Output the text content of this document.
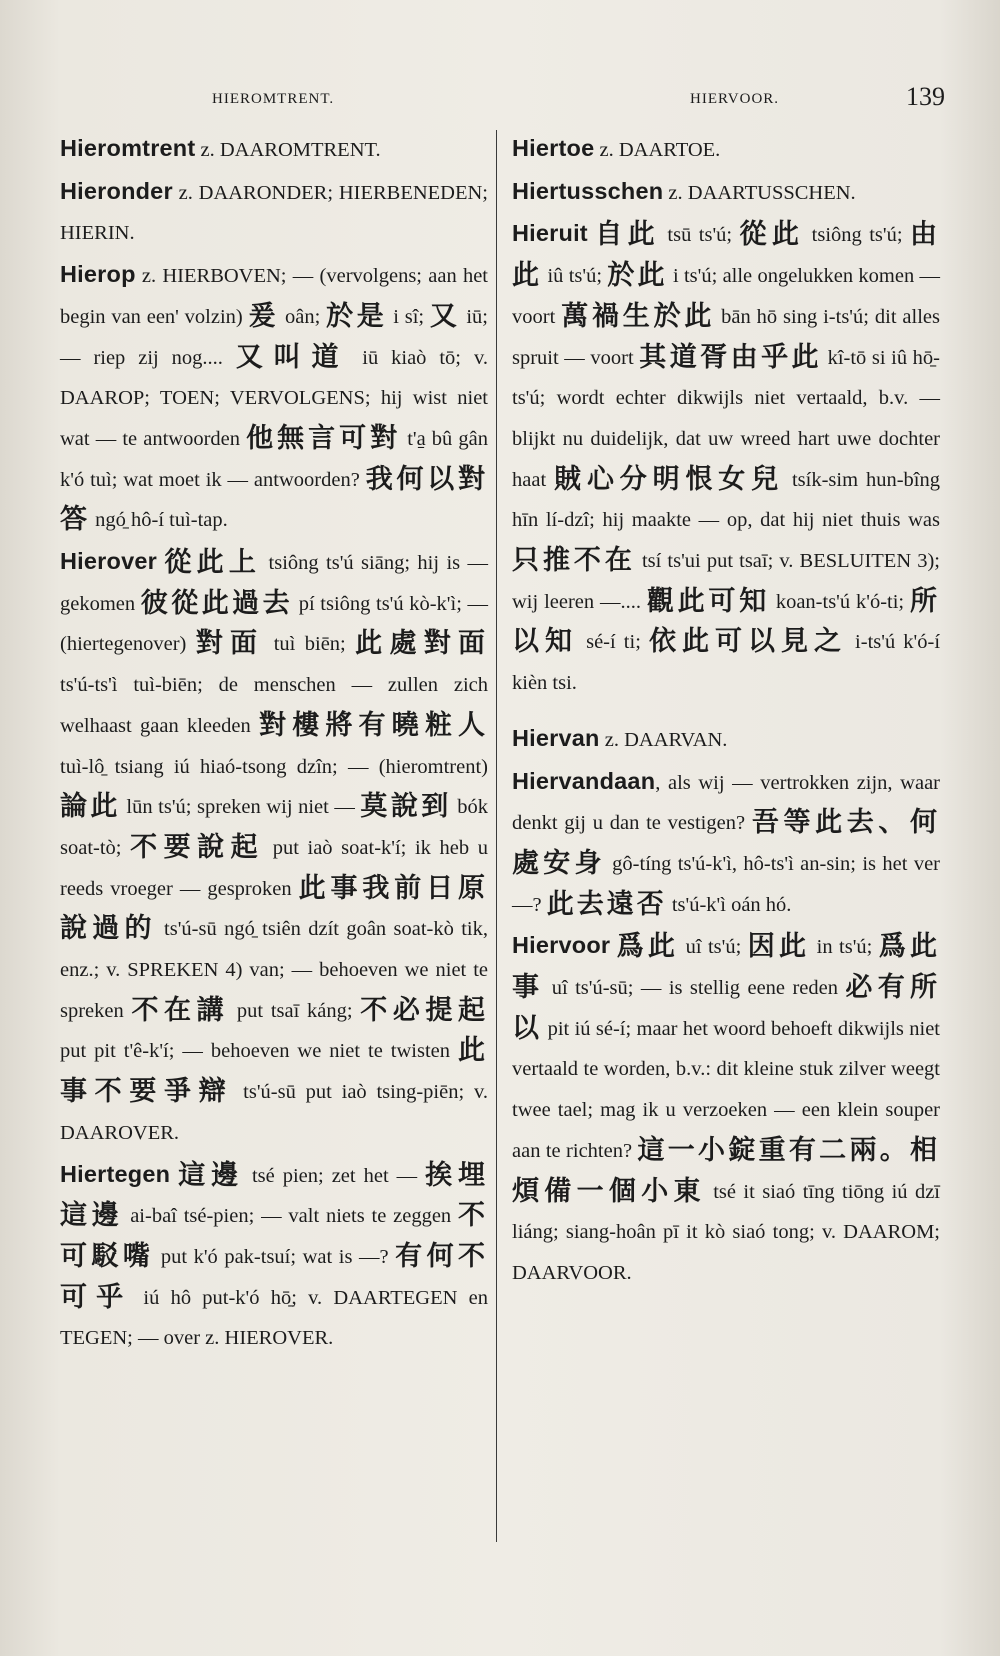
HIEROMTRENT.	HIERVOOR.	139

Hieromtrent z. DAAROMTRENT.

Hieronder z. DAARONDER; HIERBENEDEN; HIERIN.

Hierop z. HIERBOVEN; — (vervolgens; aan het begin van een' volzin) 爰 oân; 於是 i sî; 又 iū; — riep zij nog.... 又叫道 iū kiaò tō; v. DAAROP; TOEN; VERVOLGENS; hij wist niet wat — te antwoorden 他無言可對 t'a̱ bû gân k'ó tuì; wat moet ik — antwoorden? 我何以對答 ngó̱ hô-í tuì-tap.

Hierover 從此上 tsiông ts'ú siāng; hij is — gekomen 彼從此過去 pí tsiông ts'ú kò-k'ì; — (hiertegenover) 對面 tuì biēn; 此處對面 ts'ú-ts'ì tuì-biēn; de menschen — zullen zich welhaast gaan kleeden 對樓將有曉粧人 tuì-lô̱ tsiang iú hiaó-tsong dzîn; — (hieromtrent) 論此 lūn ts'ú; spreken wij niet — 莫說到 bók soat-tò; 不要說起 put iaò soat-k'í; ik heb u reeds vroeger — gesproken 此事我前日原說過的 ts'ú-sū ngó̱ tsiên dzít goân soat-kò tik, enz.; v. SPREKEN 4) van; — behoeven we niet te spreken 不在講 put tsaī káng; 不必提起 put pit t'ê-k'í; — behoeven we niet te twisten 此事不要爭辯 ts'ú-sū put iaò tsing-piēn; v. DAAROVER.

Hiertegen 這邊 tsé pien; zet het — 挨埋這邊 ai-baî tsé-pien; — valt niets te zeggen 不可駁嘴 put k'ó pak-tsuí; wat is —? 有何不可乎 iú hô put-k'ó hō̱; v. DAARTEGEN en TEGEN; — over z. HIEROVER.

Hiertoe z. DAARTOE.

Hiertusschen z. DAARTUSSCHEN.

Hieruit 自此 tsū ts'ú; 從此 tsiông ts'ú; 由此 iû ts'ú; 於此 i ts'ú; alle ongelukken komen — voort 萬禍生於此 bān hō sing i-ts'ú; dit alles spruit — voort 其道胥由乎此 kî-tō si iû hō̱-ts'ú; wordt echter dikwijls niet vertaald, b.v. — blijkt nu duidelijk, dat uw wreed hart uwe dochter haat 賊心分明恨女兒 tsík-sim hun-bîng hīn lí-dzî; hij maakte — op, dat hij niet thuis was 只推不在 tsí ts'ui put tsaī; v. BESLUITEN 3); wij leeren —.... 觀此可知 koan-ts'ú k'ó-ti; 所以知 sé-í ti; 依此可以見之 i-ts'ú k'ó-í kièn tsi.

Hiervan z. DAARVAN.

Hiervandaan, als wij — vertrokken zijn, waar denkt gij u dan te vestigen? 吾等此去、何處安身 gô-tíng ts'ú-k'ì, hô-ts'ì an-sin; is het ver —? 此去遠否 ts'ú-k'ì oán hó.

Hiervoor 爲此 uî ts'ú; 因此 in ts'ú; 爲此事 uî ts'ú-sū; — is stellig eene reden 必有所以 pit iú sé-í; maar het woord behoeft dikwijls niet vertaald te worden, b.v.: dit kleine stuk zilver weegt twee tael; mag ik u verzoeken — een klein souper aan te richten? 這一小錠重有二兩。相煩備一個小東 tsé it siaó tīng tiōng iú dzī liáng; siang-hoân pī it kò siaó tong; v. DAAROM; DAARVOOR.
